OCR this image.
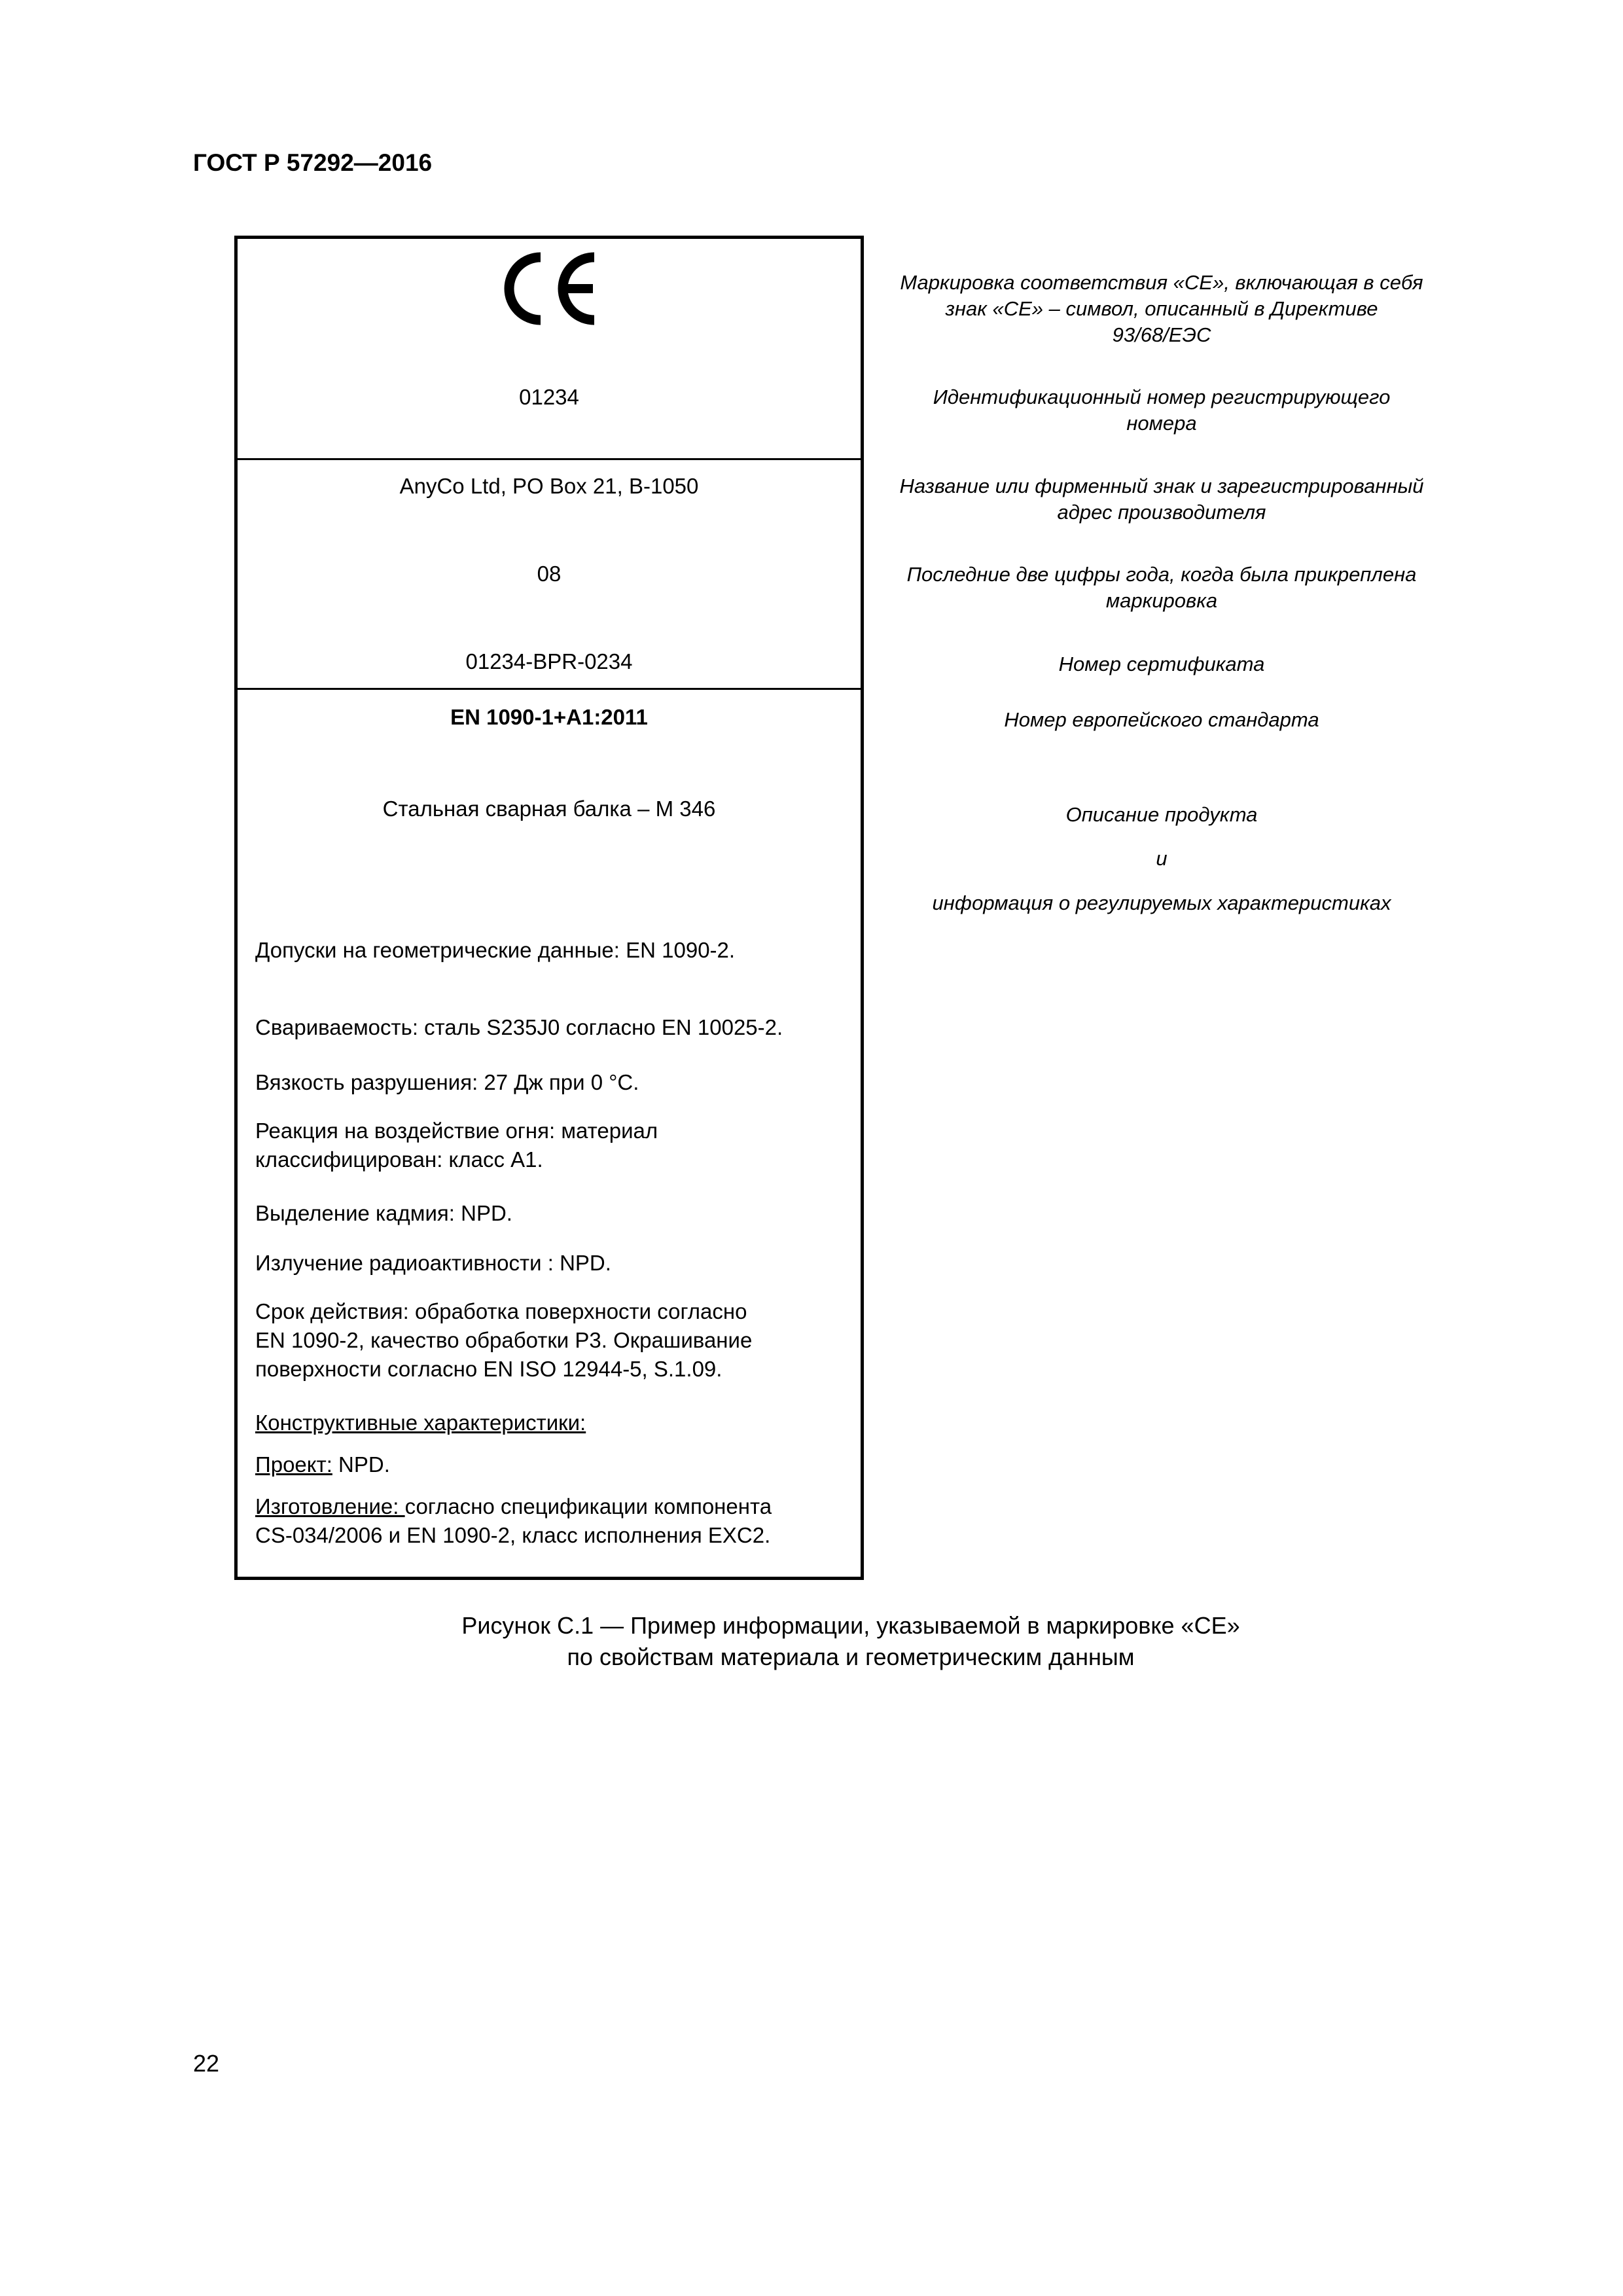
ГОСТ Р 57292—2016
01234
AnyCo Ltd, PO Box 21, B-1050
08
01234-BPR-0234
EN 1090-1+A1:2011
Стальная сварная балка – M 346
Допуски на геометрические данные: EN 1090-2.
Свариваемость: сталь S235J0 согласно EN 10025-2.
Вязкость разрушения: 27 Дж при 0 °C.
Реакция на воздействие огня: материал
классифицирован: класс A1.
Выделение кадмия: NPD.
Излучение радиоактивности : NPD.
Срок действия: обработка поверхности согласно
EN 1090-2, качество обработки P3. Окрашивание
поверхности согласно EN ISO 12944-5, S.1.09.
Конструктивные характеристики:
Проект: NPD.
Изготовление: согласно спецификации компонента
CS-034/2006 и EN 1090-2, класс исполнения EXC2.
Маркировка соответствия «CE», включающая в себя
знак «CE» – символ, описанный в Директиве
93/68/ЕЭС
Идентификационный номер регистрирующего
номера
Название или фирменный знак и зарегистрированный
адрес производителя
Последние две цифры года, когда была прикреплена
маркировка
Номер сертификата
Номер европейского стандарта
Описание продукта
и
информация о регулируемых характеристиках
Рисунок С.1 — Пример информации, указываемой в маркировке «CE»
по свойствам материала и геометрическим данным
22
